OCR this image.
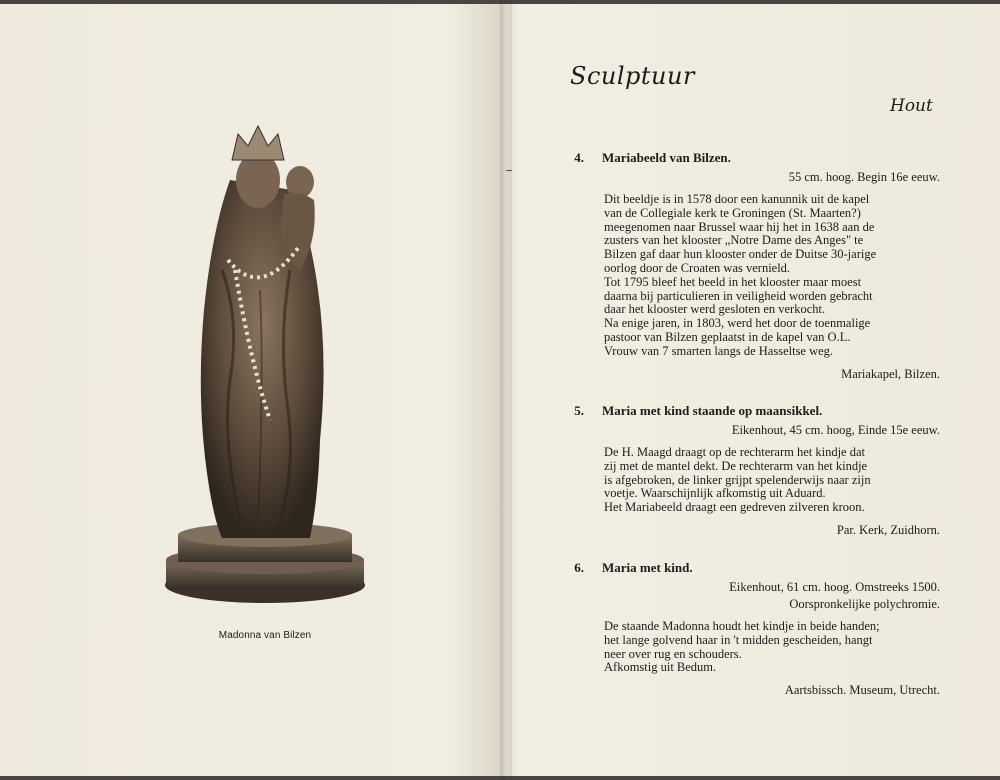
Madonna van Bilzen
Sculptuur
Hout
4. Mariabeeld van Bilzen.
55 cm. hoog. Begin 16e eeuw.
Dit beeldje is in 1578 door een kanunnik uit de kapel
van de Collegiale kerk te Groningen (St. Maarten?)
meegenomen naar Brussel waar hij het in 1638 aan de
zusters van het klooster „Notre Dame des Anges" te
Bilzen gaf daar hun klooster onder de Duitse 30-jarige
oorlog door de Croaten was vernield.
Tot 1795 bleef het beeld in het klooster maar moest
daarna bij particulieren in veiligheid worden gebracht
daar het klooster werd gesloten en verkocht.
Na enige jaren, in 1803, werd het door de toenmalige
pastoor van Bilzen geplaatst in de kapel van O.L.
Vrouw van 7 smarten langs de Hasseltse weg.
Mariakapel, Bilzen.
5. Maria met kind staande op maansikkel.
Eikenhout, 45 cm. hoog, Einde 15e eeuw.
De H. Maagd draagt op de rechterarm het kindje dat
zij met de mantel dekt. De rechterarm van het kindje
is afgebroken, de linker grijpt spelenderwijs naar zijn
voetje. Waarschijnlijk afkomstig uit Aduard.
Het Mariabeeld draagt een gedreven zilveren kroon.
Par. Kerk, Zuidhorn.
6. Maria met kind.
Eikenhout, 61 cm. hoog. Omstreeks 1500.
Oorspronkelijke polychromie.
De staande Madonna houdt het kindje in beide handen;
het lange golvend haar in 't midden gescheiden, hangt
neer over rug en schouders.
Afkomstig uit Bedum.
Aartsbissch. Museum, Utrecht.
